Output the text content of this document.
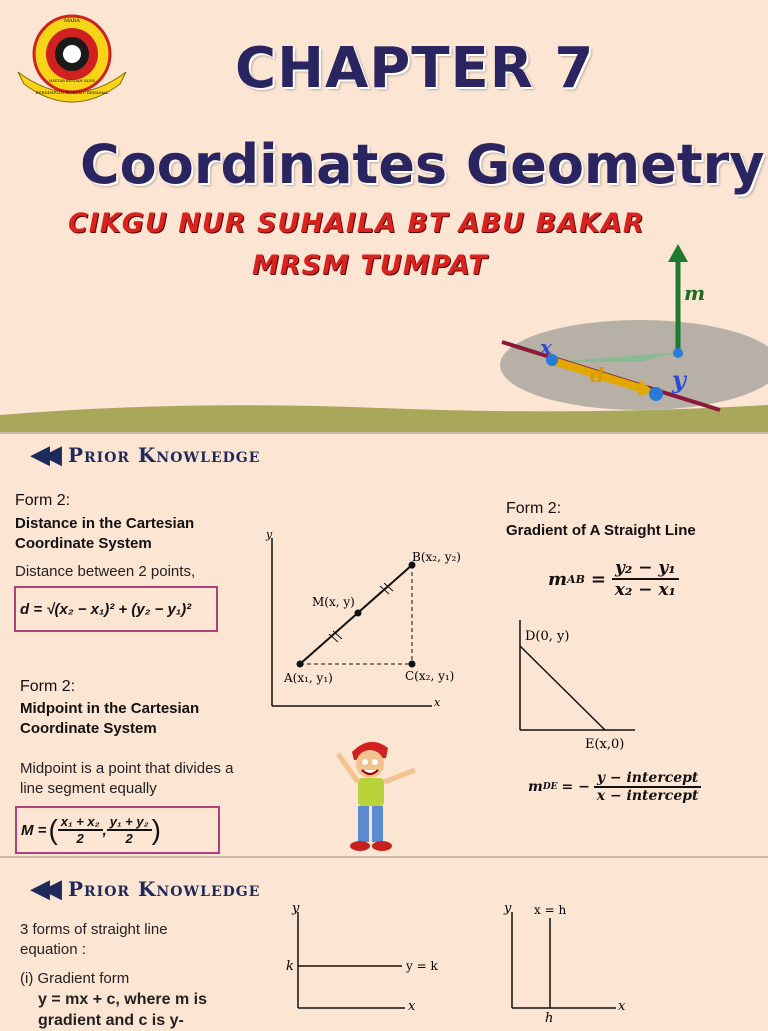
MARA
BERDISIPLIN BERILMU BERAMAL
MAKTAB RENDAH SAINS CHAPTER 7
Coordinates Geometry
CIKGU NUR SUHAILA BT ABU BAKAR
MRSM TUMPAT
m
x
d	y
◀◀ Prior Knowledge
Form 2:
Distance in the Cartesian Coordinate System
Distance between 2 points,
d = √(x₂ − x₁)² + (y₂ − y₁)²
y
x
B(x₂, y₂)
M(x, y)
A(x₁, y₁)	C(x₂, y₁)
Form 2:
Midpoint in the Cartesian Coordinate System
Midpoint is a point that divides a line segment equally
M = ( $\frac{\text{x₁ + x₂}}{2}$ , $\frac{\text{y₁ + y₂}}{2}$ )
Form 2:
Gradient of A Straight Line
m AB = $\frac{\text{y₂ − y₁}}{\text{x₂ − x₁}}$
D(0, y)
E(x,0)
m DE = − $\frac{\text{y − intercept}}{\text{x − intercept}}$
◀◀ Prior Knowledge
3 forms of straight line equation :
(i) Gradient form
y = mx + c, where m is
gradient and c is y-
y
x
k	y = k
y
x
h
x = h
